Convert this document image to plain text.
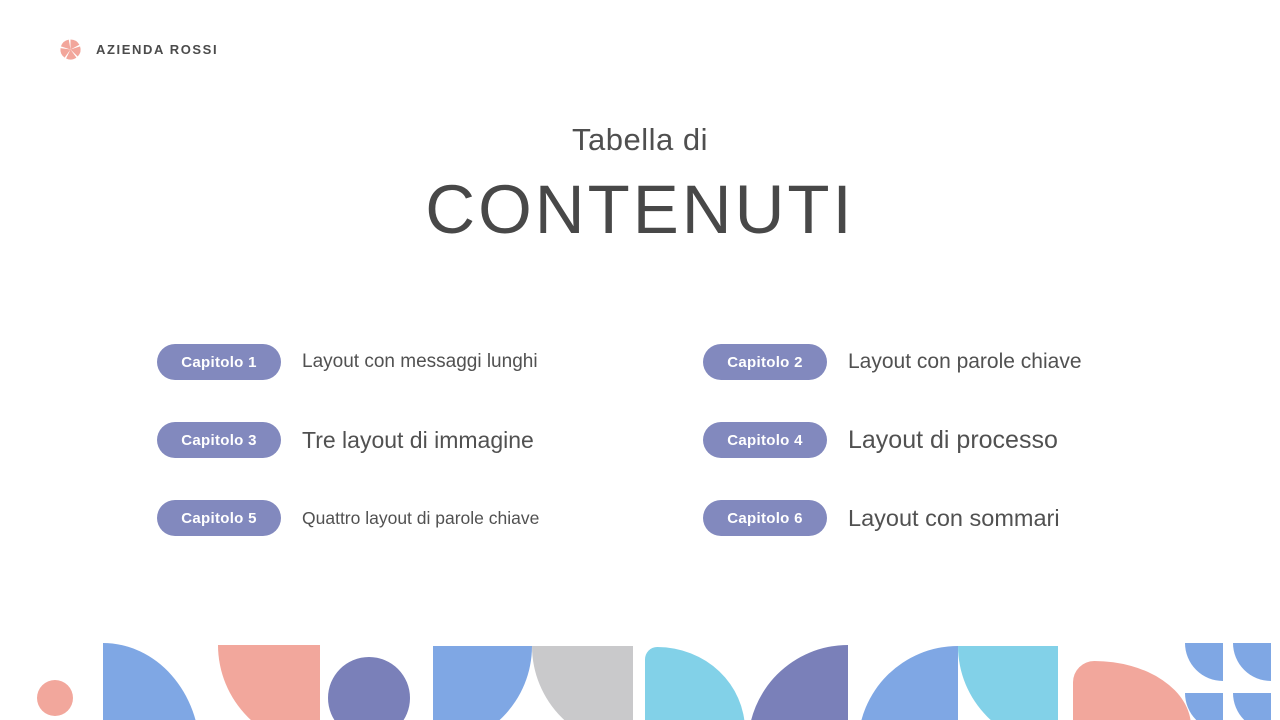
AZIENDA ROSSI
Tabella di
CONTENUTI
Capitolo 1	Layout con messaggi lunghi	Capitolo 2	Layout con parole chiave
Capitolo 3	Tre layout di immagine	Capitolo 4	Layout di processo
Capitolo 5	Quattro layout di parole chiave	Capitolo 6	Layout con sommari
